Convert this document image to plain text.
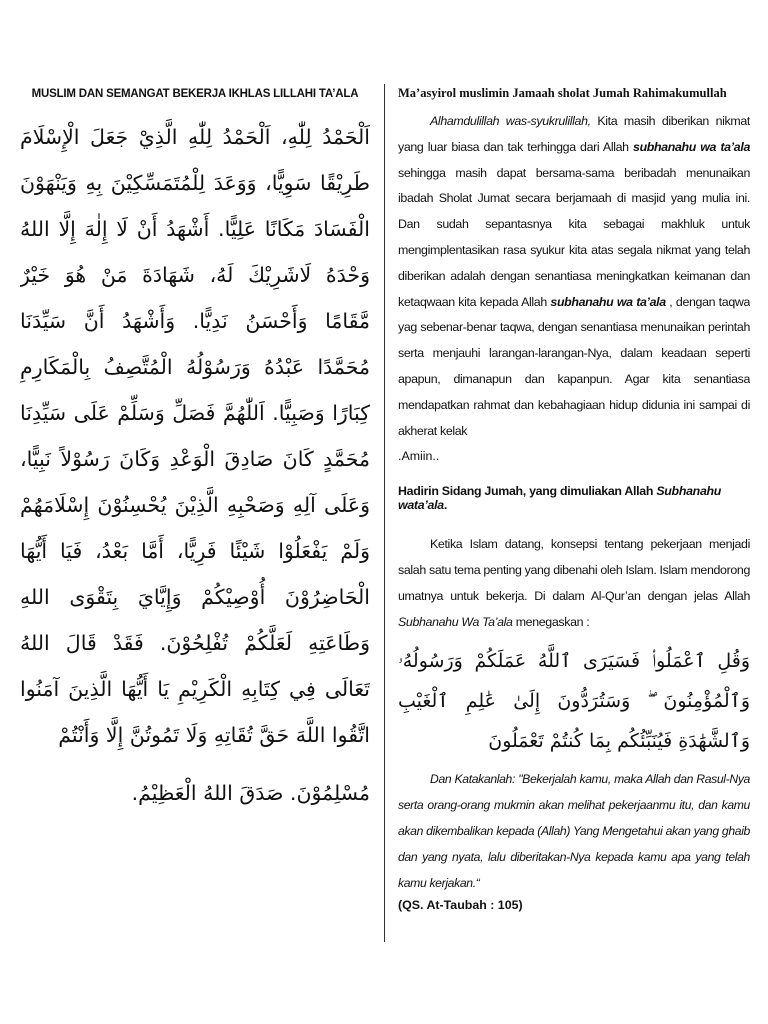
MUSLIM DAN SEMANGAT BEKERJA IKHLAS LILLAHI TA’ALA

اَلْحَمْدُ لِلّٰهِ، اَلْحَمْدُ لِلّٰهِ الَّذِيْ جَعَلَ الْإِسْلَامَ طَرِيْقًا سَوِيًّا، وَوَعَدَ لِلْمُتَمَسِّكِيْنَ بِهِ وَيَنْهَوْنَ الْفَسَادَ مَكَانًا عَلِيًّا. أَشْهَدُ أَنْ لَا إِلٰهَ إِلَّا اللهُ وَحْدَهُ لَاشَرِيْكَ لَهُ، شَهَادَةَ مَنْ هُوَ خَيْرٌ مَّقَامًا وَأَحْسَنُ نَدِيًّا. وَأَشْهَدُ أَنَّ سَيِّدَنَا مُحَمَّدًا عَبْدُهُ وَرَسُوْلُهُ الْمُتَّصِفُ بِالْمَكَارِمِ كِبَارًا وَصَبِيًّا. اَللّٰهُمَّ فَصَلِّ وَسَلِّمْ عَلَى سَيِّدِنَا مُحَمَّدٍ كَانَ صَادِقَ الْوَعْدِ وَكَانَ رَسُوْلاً نَبِيًّا، وَعَلَى آلِهِ وَصَحْبِهِ الَّذِيْنَ يُحْسِنُوْنَ إِسْلَامَهُمْ وَلَمْ يَفْعَلُوْا شَيْئًا فَرِيًّا، أَمَّا بَعْدُ، فَيَا أَيُّهَا الْحَاضِرُوْنَ أُوْصِيْكُمْ وَإِيَّايَ بِتَقْوَى اللهِ وَطَاعَتِهِ لَعَلَّكُمْ تُفْلِحُوْنَ. فَقَدْ قَالَ اللهُ تَعَالَى فِي كِتَابِهِ الْكَرِيْمِ يَا أَيُّهَا الَّذِينَ آمَنُوا اتَّقُوا اللَّهَ حَقَّ تُقَاتِهِ وَلَا تَمُوتُنَّ إِلَّا وَأَنْتُمْ

مُسْلِمُوْنَ. صَدَقَ اللهُ الْعَظِيْمُ.

Ma’asyirol muslimin Jamaah sholat Jumah Rahimakumullah

Alhamdulillah was-syukrulillah, Kita masih diberikan nikmat yang luar biasa dan tak terhingga dari Allah subhanahu wa ta’ala sehingga masih dapat bersama-sama beribadah menunaikan ibadah Sholat Jumat secara berjamaah di masjid yang mulia ini. Dan sudah sepantasnya kita sebagai makhluk untuk mengimplentasikan rasa syukur kita atas segala nikmat yang telah diberikan adalah dengan senantiasa meningkatkan keimanan dan ketaqwaan kita kepada Allah subhanahu wa ta’ala , dengan taqwa yag sebenar-benar taqwa, dengan senantiasa menunaikan perintah serta menjauhi larangan-larangan-Nya, dalam keadaan seperti apapun, dimanapun dan kapanpun. Agar kita senantiasa mendapatkan rahmat dan kebahagiaan hidup didunia ini sampai di akherat kelak

.Amiin..
Hadirin Sidang Jumah, yang dimuliakan Allah Subhanahu wata’ala.

Ketika Islam datang, konsepsi tentang pekerjaan menjadi salah satu tema penting yang dibenahi oleh Islam. Islam mendorong umatnya untuk bekerja. Di dalam Al-Qur’an dengan jelas Allah Subhanahu Wa Ta’ala menegaskan :

وَقُلِ ٱعْمَلُوا۟ فَسَيَرَى ٱللَّهُ عَمَلَكُمْ وَرَسُولُهُۥ وَٱلْمُؤْمِنُونَ ۖ وَسَتُرَدُّونَ إِلَىٰ عَٰلِمِ ٱلْغَيْبِ وَٱلشَّهَٰدَةِ فَيُنَبِّئُكُم بِمَا كُنتُمْ تَعْمَلُونَ

Dan Katakanlah: "Bekerjalah kamu, maka Allah dan Rasul-Nya serta orang-orang mukmin akan melihat pekerjaanmu itu, dan kamu akan dikembalikan kepada (Allah) Yang Mengetahui akan yang ghaib dan yang nyata, lalu diberitakan-Nya kepada kamu apa yang telah kamu kerjakan.“

(QS. At-Taubah : 105)
